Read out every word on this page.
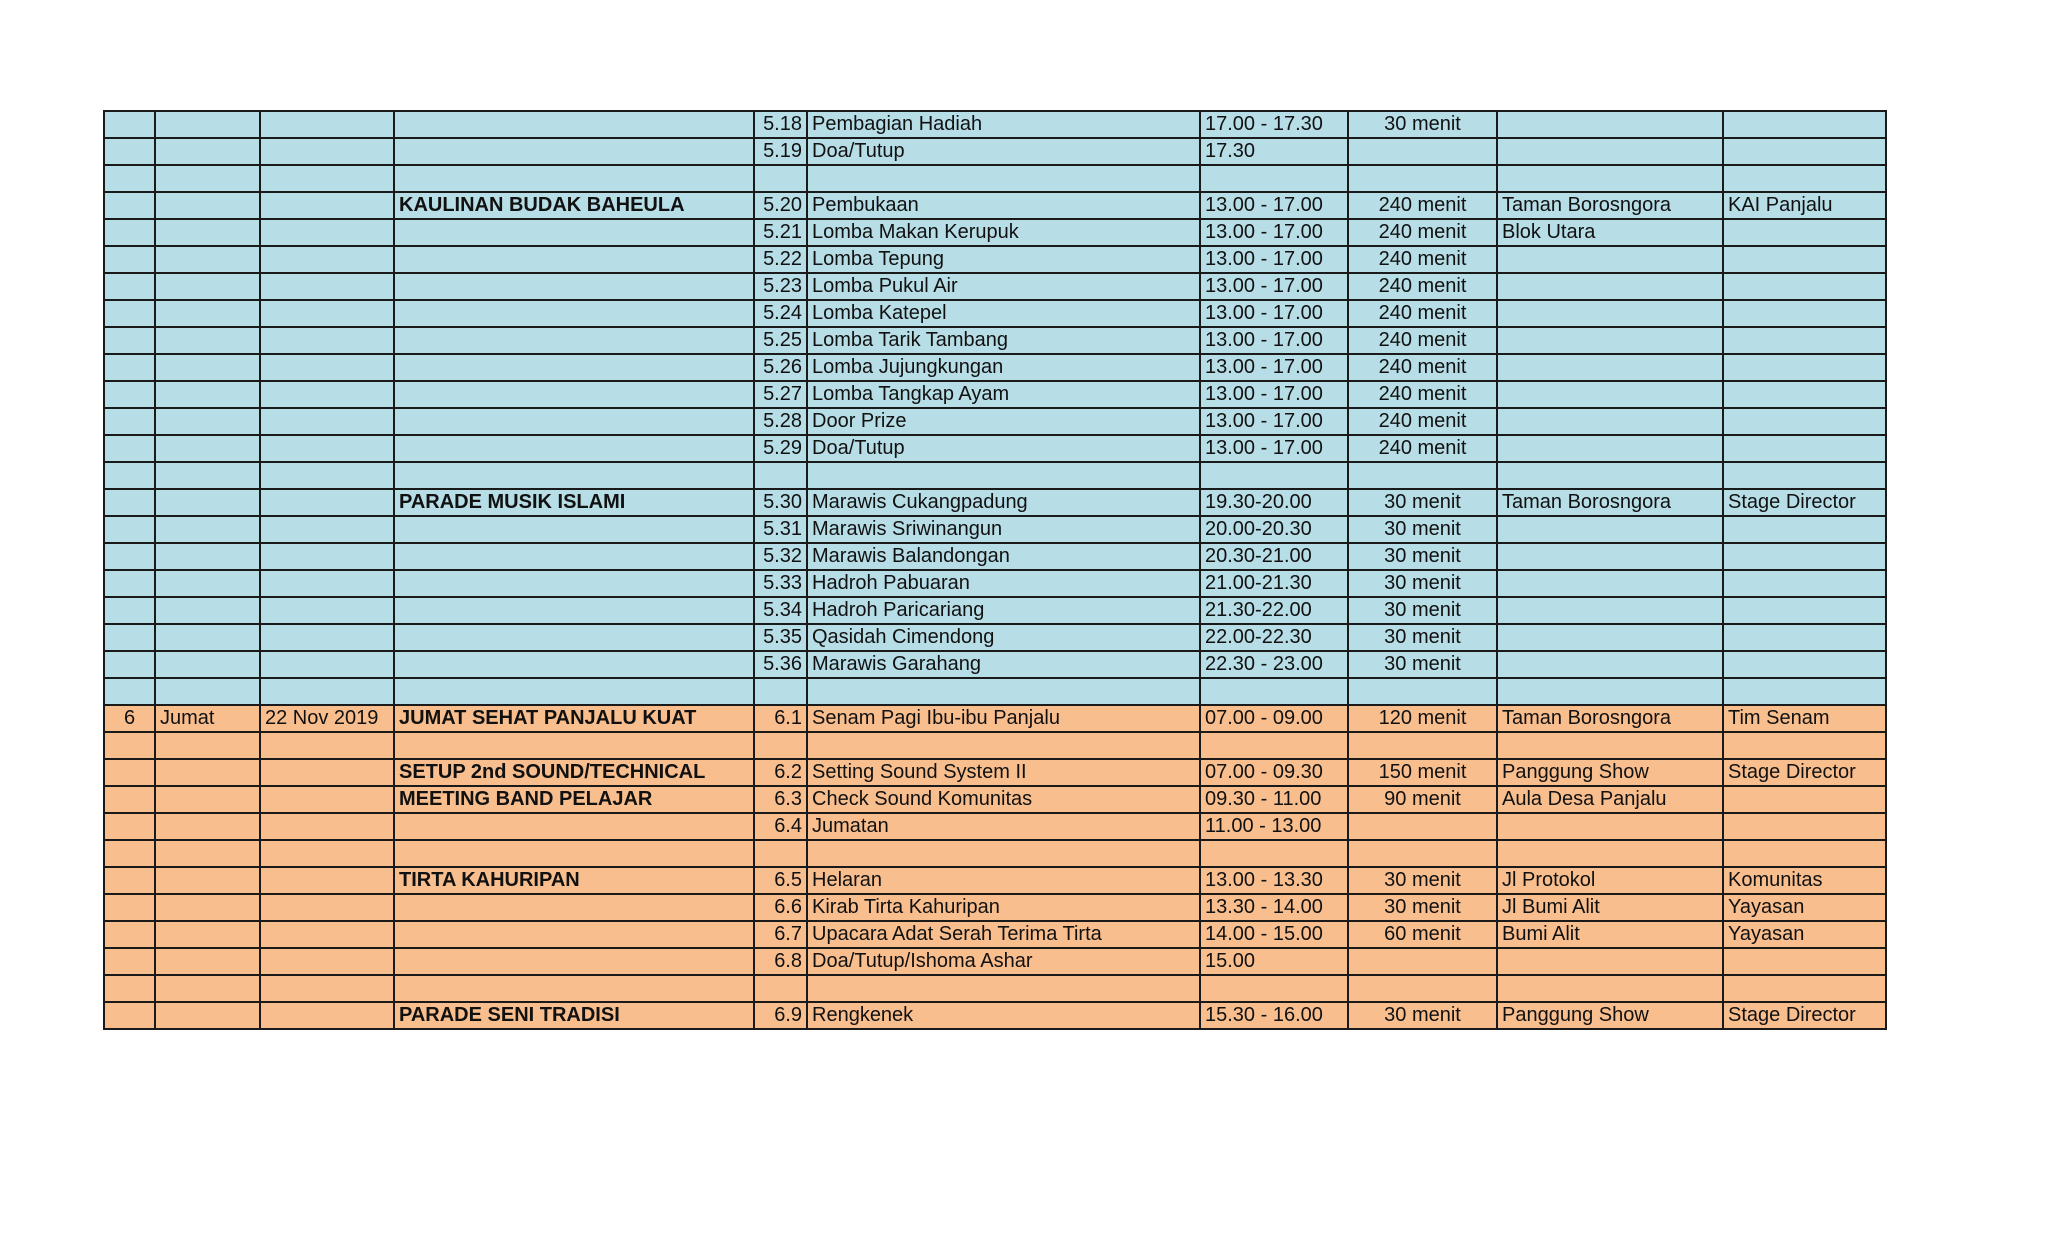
				5.18	Pembagian Hadiah	17.00 - 17.30	30 menit		
				5.19	Doa/Tutup	17.30			

			KAULINAN BUDAK BAHEULA	5.20	Pembukaan	13.00 - 17.00	240 menit	Taman Borosngora	KAI Panjalu
				5.21	Lomba Makan Kerupuk	13.00 - 17.00	240 menit	Blok Utara	
				5.22	Lomba Tepung	13.00 - 17.00	240 menit		
				5.23	Lomba Pukul Air	13.00 - 17.00	240 menit		
				5.24	Lomba Katepel	13.00 - 17.00	240 menit		
				5.25	Lomba Tarik Tambang	13.00 - 17.00	240 menit		
				5.26	Lomba Jujungkungan	13.00 - 17.00	240 menit		
				5.27	Lomba Tangkap Ayam	13.00 - 17.00	240 menit		
				5.28	Door Prize	13.00 - 17.00	240 menit		
				5.29	Doa/Tutup	13.00 - 17.00	240 menit		

			PARADE MUSIK ISLAMI	5.30	Marawis Cukangpadung	19.30-20.00	30 menit	Taman Borosngora	Stage Director
				5.31	Marawis Sriwinangun	20.00-20.30	30 menit		
				5.32	Marawis Balandongan	20.30-21.00	30 menit		
				5.33	Hadroh Pabuaran	21.00-21.30	30 menit		
				5.34	Hadroh Paricariang	21.30-22.00	30 menit		
				5.35	Qasidah Cimendong	22.00-22.30	30 menit		
				5.36	Marawis Garahang	22.30 - 23.00	30 menit		

6	Jumat	22 Nov 2019	JUMAT SEHAT PANJALU KUAT	6.1	Senam Pagi Ibu-ibu Panjalu	07.00 - 09.00	120 menit	Taman Borosngora	Tim Senam

			SETUP 2nd SOUND/TECHNICAL	6.2	Setting Sound System II	07.00 - 09.30	150 menit	Panggung Show	Stage Director
			MEETING BAND PELAJAR	6.3	Check Sound Komunitas	09.30 - 11.00	90 menit	Aula Desa Panjalu	
				6.4	Jumatan	11.00 - 13.00			

			TIRTA KAHURIPAN	6.5	Helaran	13.00 - 13.30	30 menit	Jl Protokol	Komunitas
				6.6	Kirab Tirta Kahuripan	13.30 - 14.00	30 menit	Jl Bumi Alit	Yayasan
				6.7	Upacara Adat Serah Terima Tirta	14.00 - 15.00	60 menit	Bumi Alit	Yayasan
				6.8	Doa/Tutup/Ishoma Ashar	15.00			

			PARADE SENI TRADISI	6.9	Rengkenek	15.30 - 16.00	30 menit	Panggung Show	Stage Director
